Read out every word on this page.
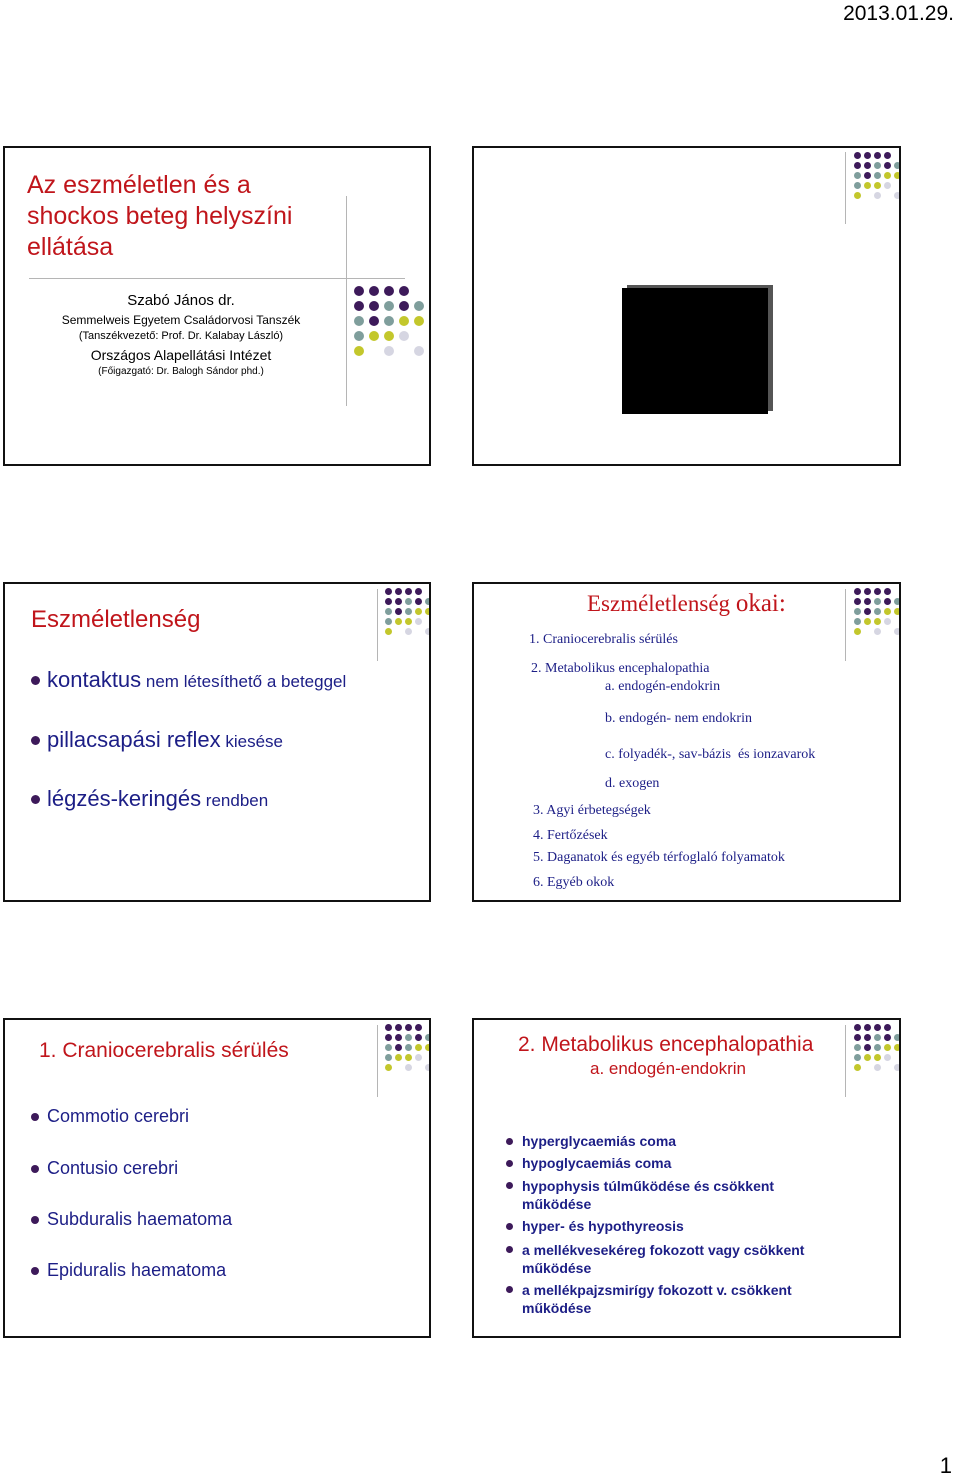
2013.01.29.
Az eszméletlen és a shockos beteg helyszíni ellátása
Szabó János dr.
Semmelweis Egyetem Családorvosi Tanszék
(Tanszékvezető: Prof. Dr. Kalabay László)
Országos Alapellátási Intézet
(Főigazgató: Dr. Balogh Sándor phd.)
Eszméletlenség
kontaktus nem létesíthető a beteggel
pillacsapási reflex kiesése
légzés-keringés rendben
Eszméletlenség okai:
1. Craniocerebralis sérülés
2. Metabolikus encephalopathia
a. endogén-endokrin
b. endogén- nem endokrin
c. folyadék-, sav-bázis  és ionzavarok
d. exogen
3. Agyi érbetegségek
4. Fertőzések
5. Daganatok és egyéb térfoglaló folyamatok
6. Egyéb okok
1. Craniocerebralis sérülés
Commotio cerebri
Contusio cerebri
Subduralis haematoma
Epiduralis haematoma
2. Metabolikus encephalopathia
a. endogén-endokrin
hyperglycaemiás coma
hypoglycaemiás coma
hypophysis túlműködése és csökkent működése
hyper- és hypothyreosis
a mellékvesekéreg fokozott vagy csökkent működése
a mellékpajzsmirígy fokozott v. csökkent működése
1
